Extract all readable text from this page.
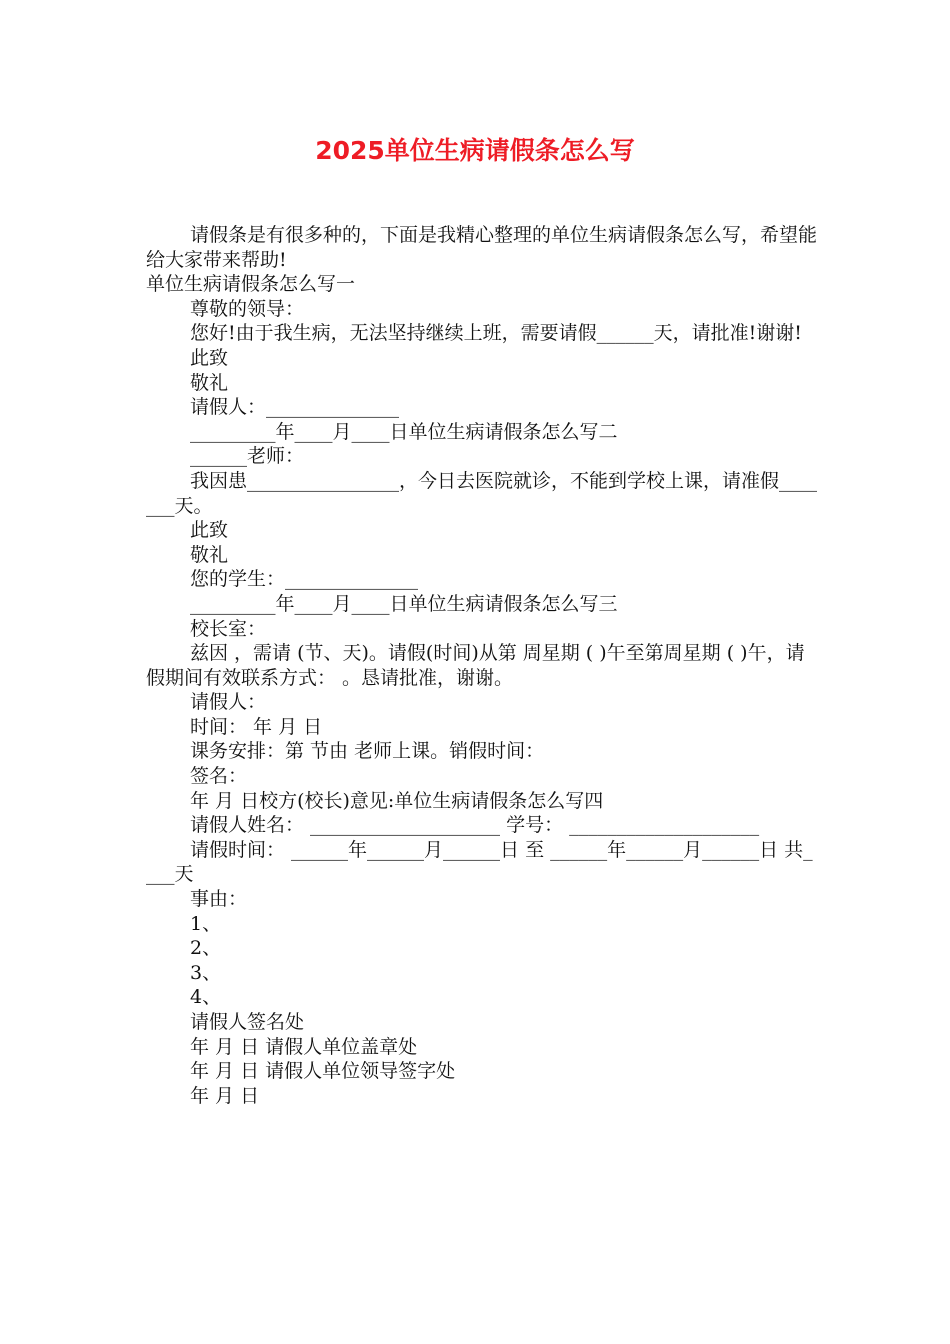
2025单位生病请假条怎么写

请假条是有很多种的，下面是我精心整理的单位生病请假条怎么写，希望能给大家带来帮助!

单位生病请假条怎么写一

尊敬的领导：

您好!由于我生病，无法坚持继续上班，需要请假______天，请批准!谢谢!

此致

敬礼

请假人：______________

_________年____月____日单位生病请假条怎么写二

______老师：

我因患________________，今日去医院就诊，不能到学校上课，请准假_______天。

此致

敬礼

您的学生：______________

_________年____月____日单位生病请假条怎么写三

校长室：

兹因 ，需请 (节、天)。请假(时间)从第 周星期 ( )午至第周星期 ( )午，请假期间有效联系方式： 。恳请批准，谢谢。

请假人：

时间： 年 月 日

课务安排：第 节由 老师上课。销假时间：

签名：

年 月 日校方(校长)意见:单位生病请假条怎么写四

请假人姓名： ____________________ 学号： ____________________

请假时间： ______年______月______日 至 ______年______月______日 共____天

事由：

1、

2、

3、

4、

请假人签名处

年 月 日 请假人单位盖章处

年 月 日 请假人单位领导签字处

年 月 日
